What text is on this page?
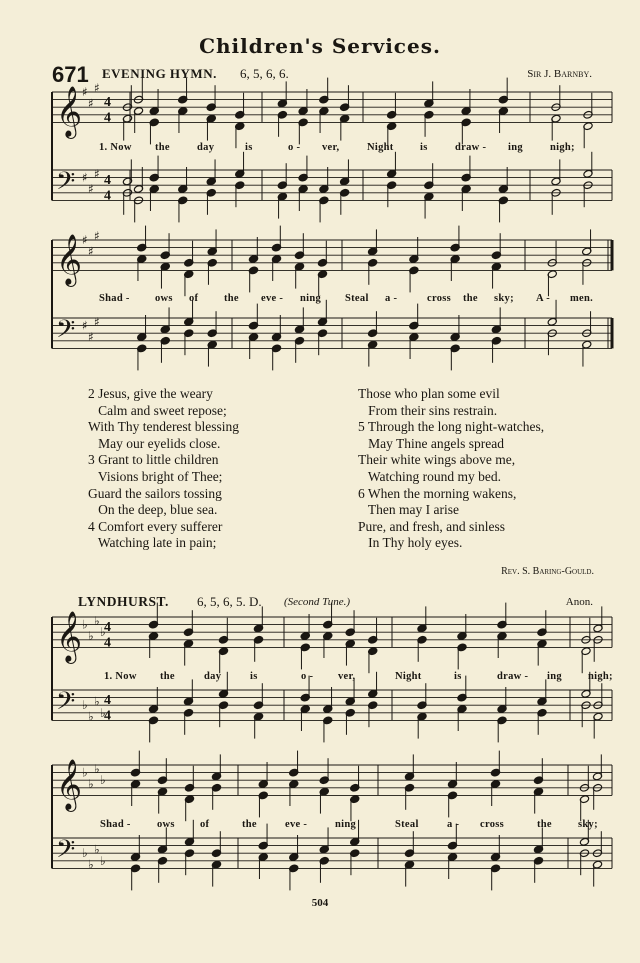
Children's Services.
671 EVENING HYMN. 6, 5, 6, 6.	Sir J. Barnby.
𝄞
𝄢
♯
♯
♯
♯
♯
♯
4
4
4
4
𝄞
𝄢
♯
♯
♯
♯
♯
♯
𝄞
𝄢
♭
♭
♭
♭
♭
♭
♭
♭
4
4
4
4
𝄞
𝄢
♭
♭
♭
♭
♭
♭
♭
♭
1. Now the	day	is	o - ver,	Night	is	draw - ing	nigh;
Shad - ows of the eve - ning Steal a -	cross the sky; A - men.
2 Jesus, give the weary
Calm and sweet repose;
With Thy tenderest blessing
May our eyelids close.
3 Grant to little children
Visions bright of Thee;
Guard the sailors tossing
On the deep, blue sea.
4 Comfort every sufferer
Watching late in pain;
Those who plan some evil
From their sins restrain.
5 Through the long night-watches,
May Thine angels spread
Their white wings above me,
Watching round my bed.
6 When the morning wakens,
Then may I arise
Pure, and fresh, and sinless
In Thy holy eyes.
Rev. S. Baring-Gould.
LYNDHURST. 6, 5, 6, 5. D. (Second Tune.)	Anon.
1. Now the	day	is	o - ver,	Night	is	draw - ing nigh;
Shad -	ows of	the	eve -	ning	Steal	a - cross	the sky;
504
